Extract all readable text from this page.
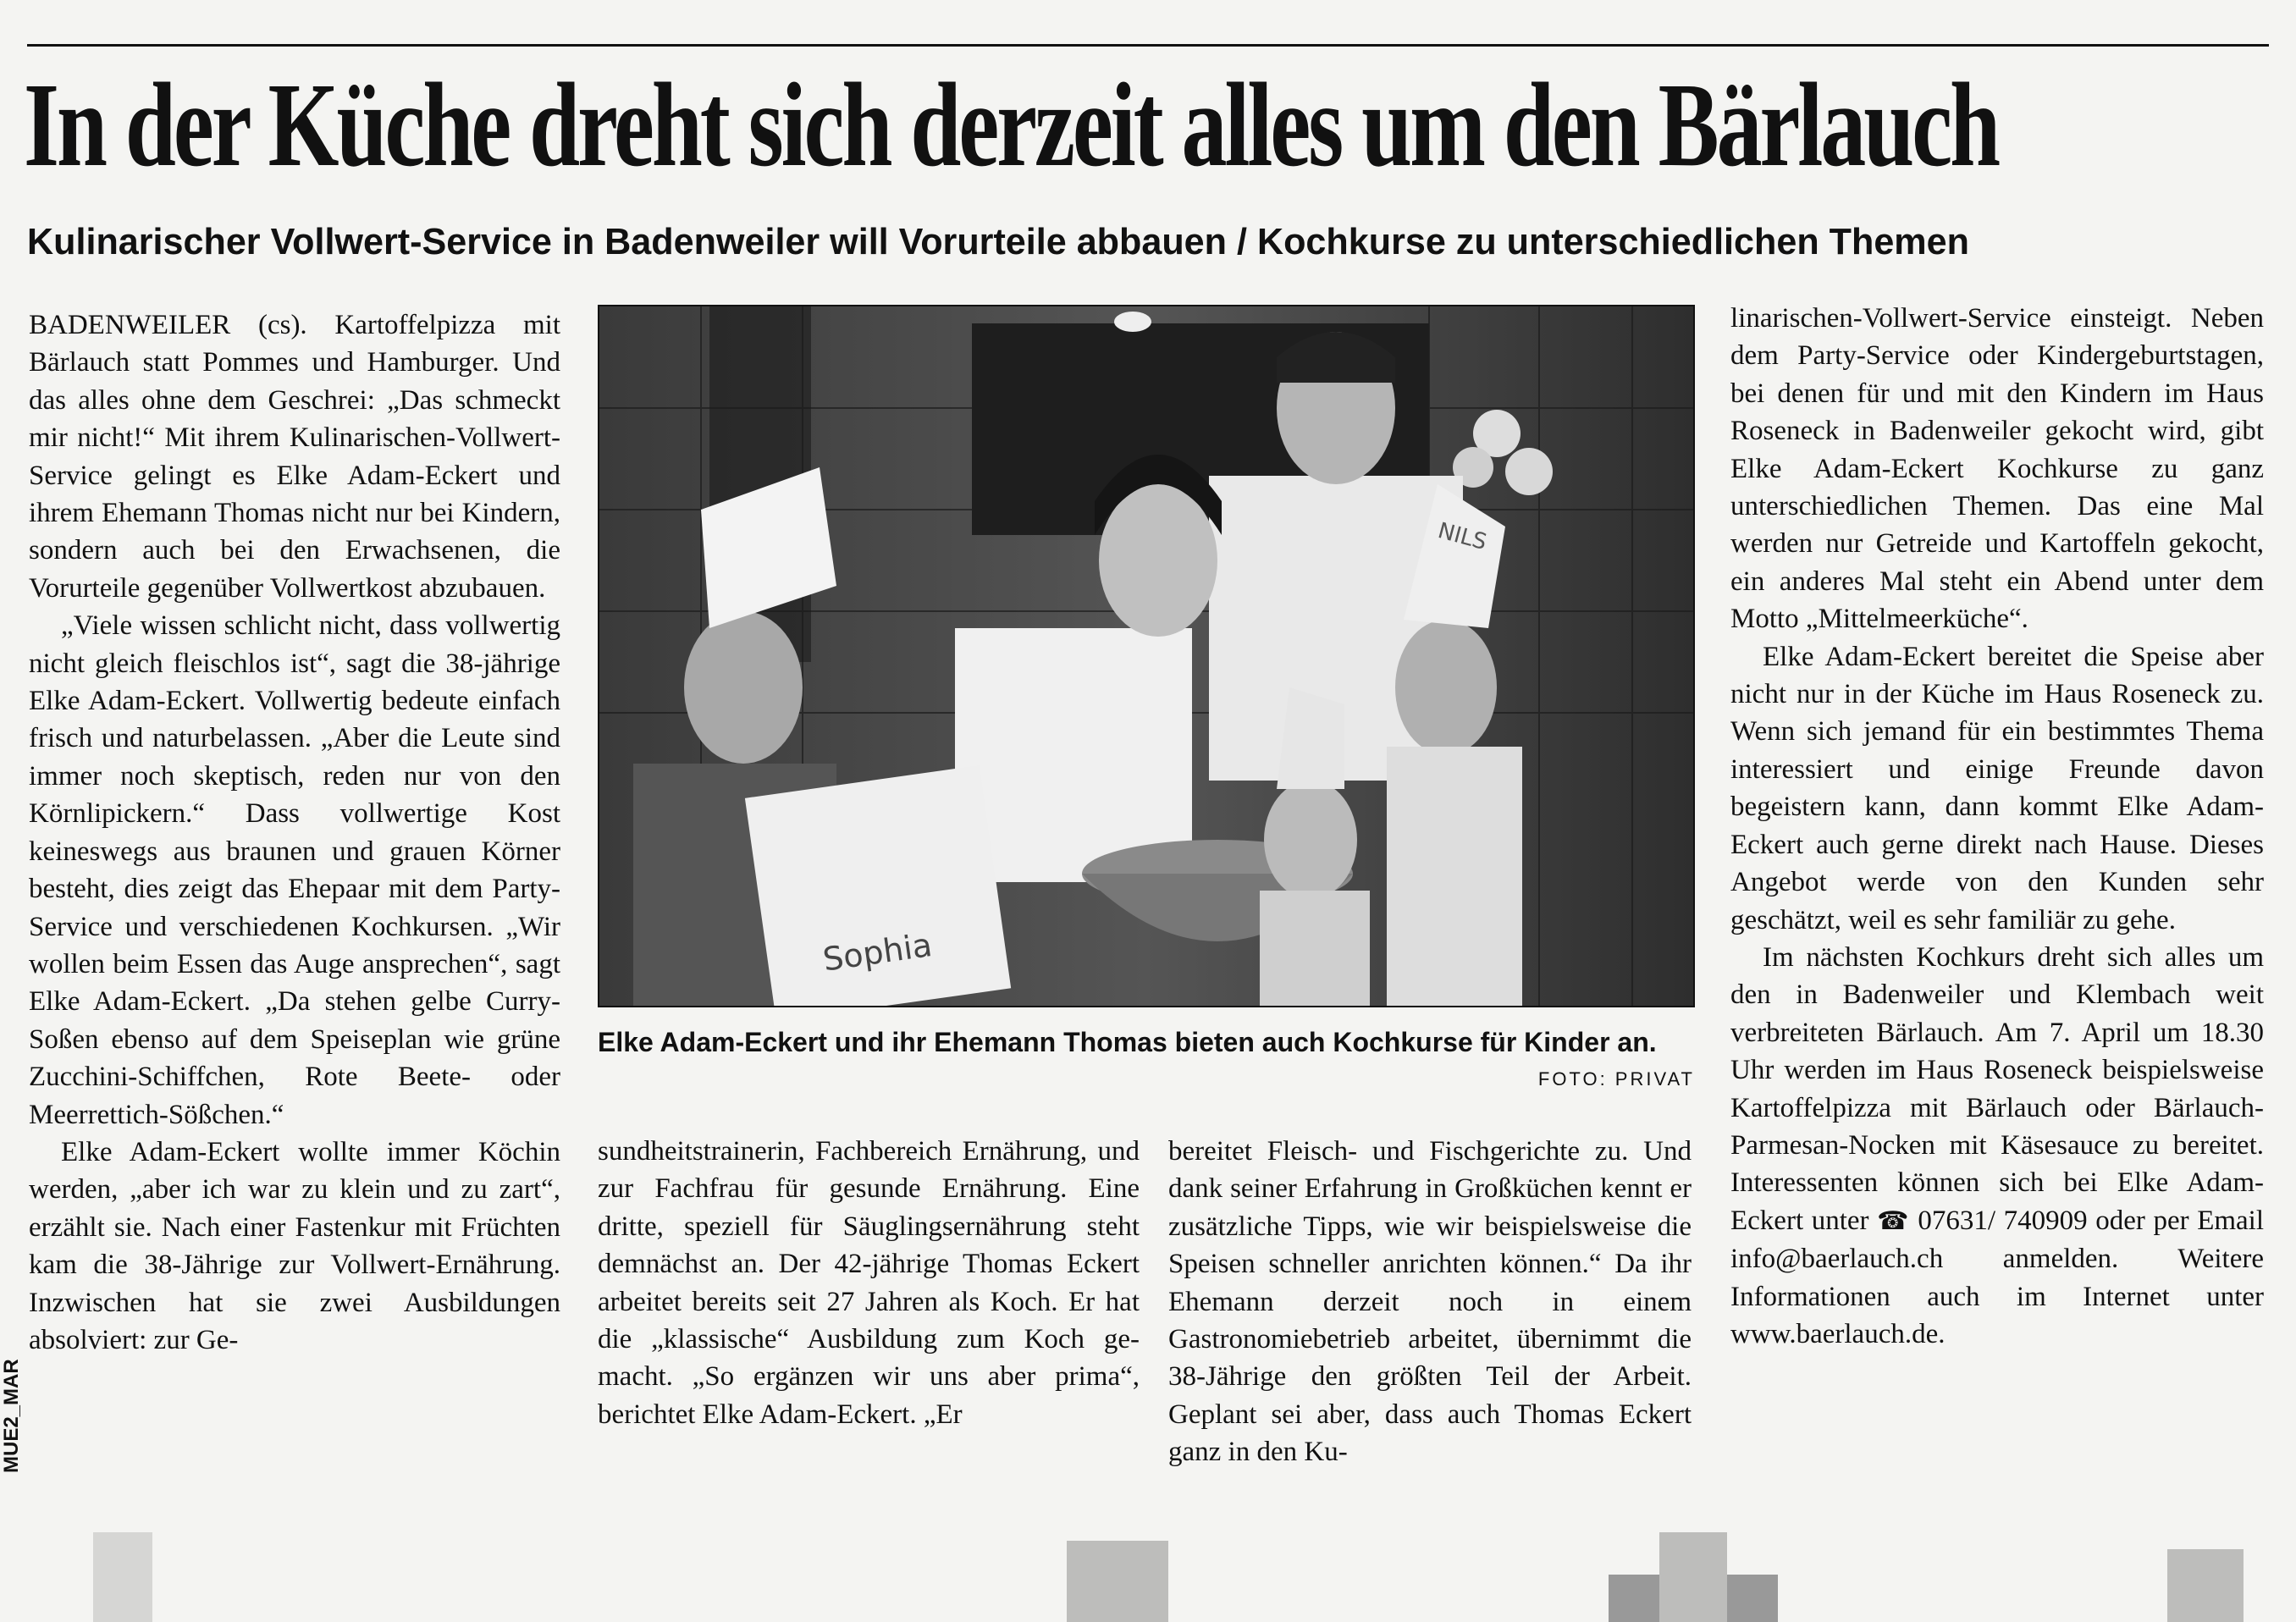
In der Küche dreht sich derzeit alles um den Bärlauch
Kulinarischer Vollwert-Service in Badenweiler will Vorurteile abbauen / Kochkurse zu unterschiedlichen Themen

BADENWEILER (cs). Kartoffelpizza mit Bärlauch statt Pommes und Hamburger. Und das alles ohne dem Geschrei: „Das schmeckt mir nicht!“ Mit ihrem Kulinarischen-Vollwert-Service gelingt es Elke Adam-Eckert und ihrem Ehemann Thomas nicht nur bei Kindern, sondern auch bei den Erwachsenen, die Vorurteile gegenüber Vollwertkost abzubauen.

„Viele wissen schlicht nicht, dass vollwertig nicht gleich fleischlos ist“, sagt die 38-jährige Elke Adam-Eckert. Vollwertig bedeute einfach frisch und naturbelassen. „Aber die Leute sind immer noch skeptisch, reden nur von den Körnlipickern.“ Dass vollwertige Kost keineswegs aus braunen und grauen Körner besteht, dies zeigt das Ehepaar mit dem Party-Service und verschiedenen Kochkursen. „Wir wollen beim Essen das Auge ansprechen“, sagt Elke Adam-Eckert. „Da stehen gelbe Curry-Soßen ebenso auf dem Speiseplan wie grüne Zucchini-Schiffchen, Rote Beete- oder Meerrettich-Sößchen.“

Elke Adam-Eckert wollte immer Köchin werden, „aber ich war zu klein und zu zart“, erzählt sie. Nach einer Fastenkur mit Früchten kam die 38-Jährige zur Vollwert-Ernährung. Inzwischen hat sie zwei Ausbildungen absolviert: zur Ge-

Sophia
NILS
Elke Adam-Eckert und ihr Ehemann Thomas bieten auch Kochkurse für Kinder an.
FOTO: PRIVAT

sundheitstrainerin, Fachbereich Ernährung, und zur Fachfrau für gesunde Ernährung. Eine dritte, speziell für Säuglingsernährung steht demnächst an. Der 42-jährige Thomas Eckert arbeitet bereits seit 27 Jahren als Koch. Er hat die „klassische“ Ausbildung zum Koch gemacht. „So ergänzen wir uns aber prima“, berichtet Elke Adam-Eckert. „Er

bereitet Fleisch- und Fischgerichte zu. Und dank seiner Erfahrung in Großküchen kennt er zusätzliche Tipps, wie wir beispielsweise die Speisen schneller anrichten können.“ Da ihr Ehemann derzeit noch in einem Gastronomiebetrieb arbeitet, übernimmt die 38-Jährige den größten Teil der Arbeit. Geplant sei aber, dass auch Thomas Eckert ganz in den Ku-

linarischen-Vollwert-Service einsteigt. Neben dem Party-Service oder Kindergeburtstagen, bei denen für und mit den Kindern im Haus Roseneck in Badenweiler gekocht wird, gibt Elke Adam-Eckert Kochkurse zu ganz unterschiedlichen Themen. Das eine Mal werden nur Getreide und Kartoffeln gekocht, ein anderes Mal steht ein Abend unter dem Motto „Mittelmeerküche“.

Elke Adam-Eckert bereitet die Speise aber nicht nur in der Küche im Haus Roseneck zu. Wenn sich jemand für ein bestimmtes Thema interessiert und einige Freunde davon begeistern kann, dann kommt Elke Adam-Eckert auch gerne direkt nach Hause. Dieses Angebot werde von den Kunden sehr geschätzt, weil es sehr familiär zu gehe.

Im nächsten Kochkurs dreht sich alles um den in Badenweiler und Klembach weit verbreiteten Bärlauch. Am 7. April um 18.30 Uhr werden im Haus Roseneck beispielsweise Kartoffelpizza mit Bärlauch oder Bärlauch-Parmesan-Nocken mit Käsesauce zu bereitet. Interessenten können sich bei Elke Adam-Eckert unter ☎ 07631/ 740909 oder per Email info@baerlauch.ch anmelden. Weitere Informationen auch im Internet unter www.baerlauch.de.

MUE2_MAR
